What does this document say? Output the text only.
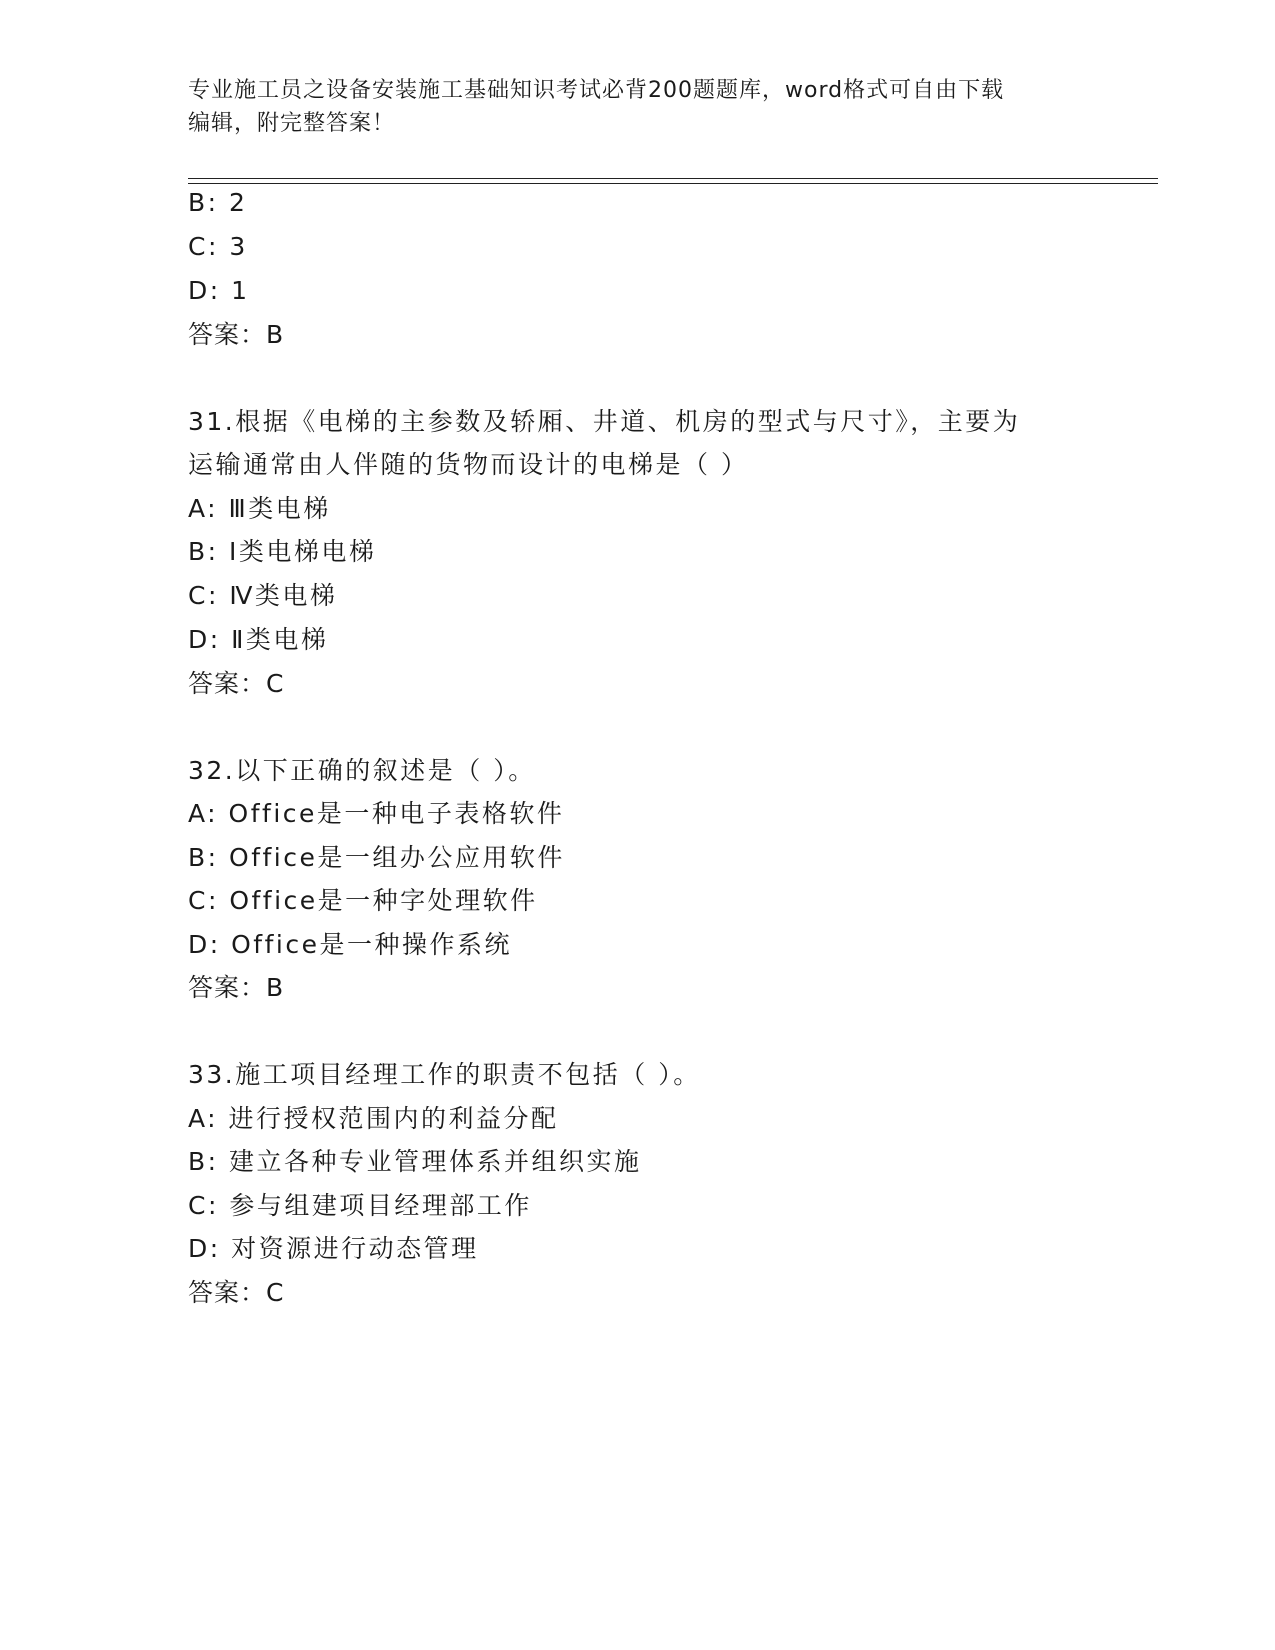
专业施工员之设备安装施工基础知识考试必背200题题库，word格式可自由下载
编辑，附完整答案！
B: 2
C: 3
D: 1
答案：B
31.根据《电梯的主参数及轿厢、井道、机房的型式与尺寸》，主要为
运输通常由人伴随的货物而设计的电梯是（ ）
A: Ⅲ类电梯
B: Ⅰ类电梯电梯
C: Ⅳ类电梯
D: Ⅱ类电梯
答案：C
32.以下正确的叙述是（ ）。
A: Office是一种电子表格软件
B: Office是一组办公应用软件
C: Office是一种字处理软件
D: Office是一种操作系统
答案：B
33.施工项目经理工作的职责不包括（ ）。
A: 进行授权范围内的利益分配
B: 建立各种专业管理体系并组织实施
C: 参与组建项目经理部工作
D: 对资源进行动态管理
答案：C
